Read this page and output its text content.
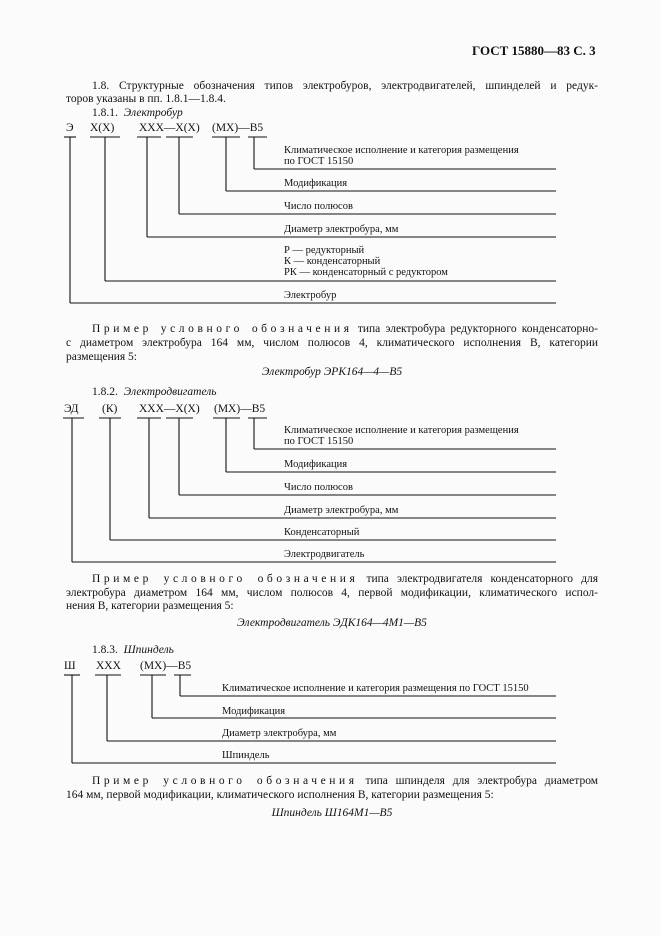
ГОСТ 15880—83 С. 3
1.8. Структурные обозначения типов электробуров, электродвигателей, шпинделей и редук-
торов указаны в пп. 1.8.1—1.8.4.
1.8.1. Электробур
Э Х(Х) ХХХ—Х(Х) (МХ)—В5
Климатическое исполнение и категория размещения
по ГОСТ 15150
Модификация
Число полюсов
Диаметр электробура, мм
Р — редукторный
К — конденсаторный
РК — конденсаторный с редуктором
Электробур
Пример условного обозначения типа электробура редукторного конденсаторно-
с диаметром электробура 164 мм, числом полюсов 4, климатического исполнения В, категории
размещения 5:
Электробур ЭРК164—4—В5
1.8.2. Электродвигатель
ЭД (К) ХХХ—Х(Х) (МХ)—В5
Климатическое исполнение и категория размещения
по ГОСТ 15150
Модификация
Число полюсов
Диаметр электробура, мм
Конденсаторный
Электродвигатель
Пример условного обозначения типа электродвигателя конденсаторного для
электробура диаметром 164 мм, числом полюсов 4, первой модификации, климатического испол-
нения В, категории размещения 5:
Электродвигатель ЭДК164—4М1—В5
1.8.3. Шпиндель
Ш ХХХ (МХ)—В5
Климатическое исполнение и категория размещения по ГОСТ 15150
Модификация
Диаметр электробура, мм
Шпиндель
Пример условного обозначения типа шпинделя для электробура диаметром
164 мм, первой модификации, климатического исполнения В, категории размещения 5:
Шпиндель Ш164М1—В5
